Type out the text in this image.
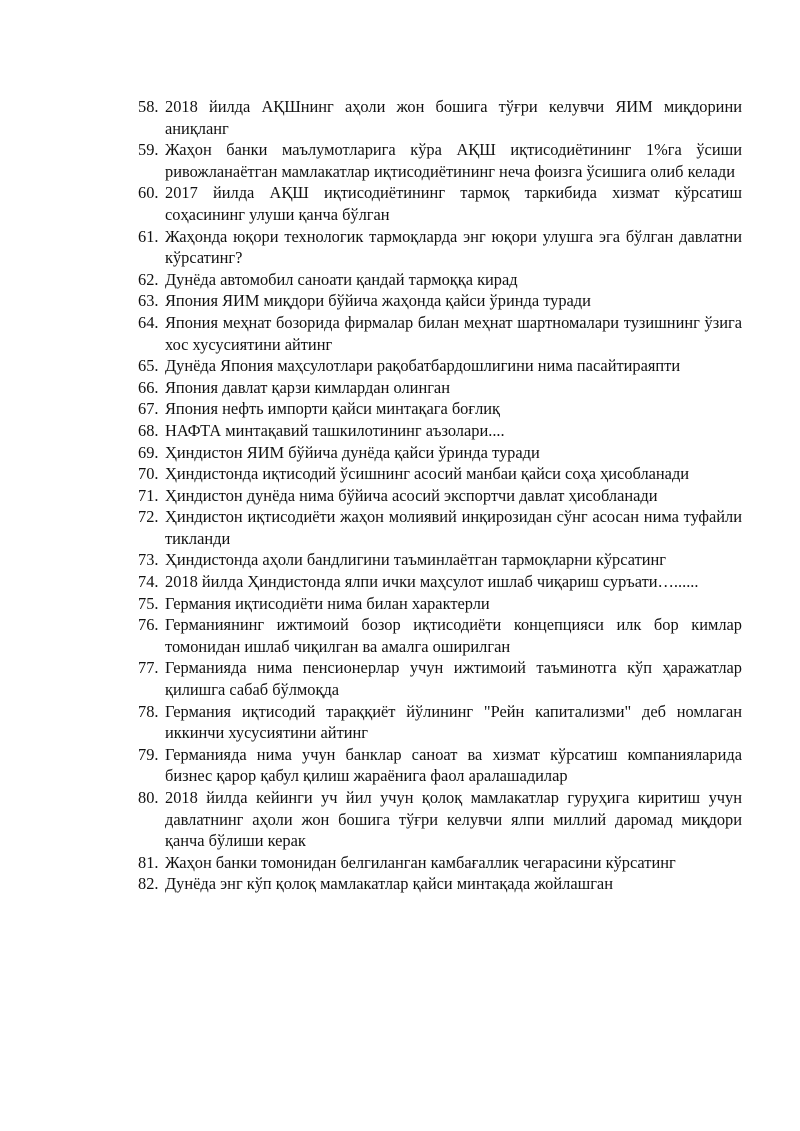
58. 2018 йилда АҚШнинг аҳоли жон бошига тўғри келувчи ЯИМ миқдорини аниқланг
59. Жаҳон банки маълумотларига кўра АҚШ иқтисодиётининг 1%га ўсиши ривожланаётган мамлакатлар иқтисодиётининг неча фоизга ўсишига олиб келади
60. 2017 йилда АҚШ иқтисодиётининг тармоқ таркибида хизмат кўрсатиш соҳасининг улуши қанча бўлган
61. Жаҳонда юқори технологик тармоқларда энг юқори улушга эга бўлган давлатни кўрсатинг?
62. Дунёда автомобил саноати қандай тармоққа кирад
63. Япония ЯИМ миқдори бўйича жаҳонда қайси ўринда туради
64. Япония меҳнат бозорида фирмалар билан меҳнат шартномалари тузишнинг ўзига хос хусусиятини айтинг
65. Дунёда Япония маҳсулотлари рақобатбардошлигини нима пасайтираяпти
66. Япония давлат қарзи кимлардан олинган
67. Япония нефть импорти қайси минтақага боғлиқ
68. НАФТА минтақавий ташкилотининг аъзолари....
69. Ҳиндистон ЯИМ бўйича дунёда қайси ўринда туради
70. Ҳиндистонда иқтисодий ўсишнинг асосий манбаи қайси соҳа ҳисобланади
71. Ҳиндистон дунёда нима бўйича асосий экспортчи давлат ҳисобланади
72. Ҳиндистон иқтисодиёти жаҳон молиявий инқирозидан сўнг асосан нима туфайли тикланди
73. Ҳиндистонда аҳоли бандлигини таъминлаётган тармоқларни кўрсатинг
74. 2018 йилда Ҳиндистонда ялпи ички маҳсулот ишлаб чиқариш суръати…......
75. Германия иқтисодиёти нима билан характерли
76. Германиянинг ижтимоий бозор иқтисодиёти концепцияси илк бор кимлар томонидан ишлаб чиқилган ва амалга оширилган
77. Германияда нима пенсионерлар учун ижтимоий таъминотга кўп ҳаражатлар қилишга сабаб бўлмоқда
78. Германия иқтисодий тараққиёт йўлининг "Рейн капитализми" деб номлаган иккинчи хусусиятини айтинг
79. Германияда нима учун банклар саноат ва хизмат кўрсатиш компанияларида бизнес қарор қабул қилиш жараёнига фаол аралашадилар
80. 2018 йилда кейинги уч йил учун қолоқ мамлакатлар гуруҳига киритиш учун давлатнинг аҳоли жон бошига тўғри келувчи ялпи миллий даромад миқдори қанча бўлиши керак
81. Жаҳон банки томонидан белгиланган камбағаллик чегарасини кўрсатинг
82. Дунёда энг кўп қолоқ мамлакатлар қайси минтақада жойлашган
